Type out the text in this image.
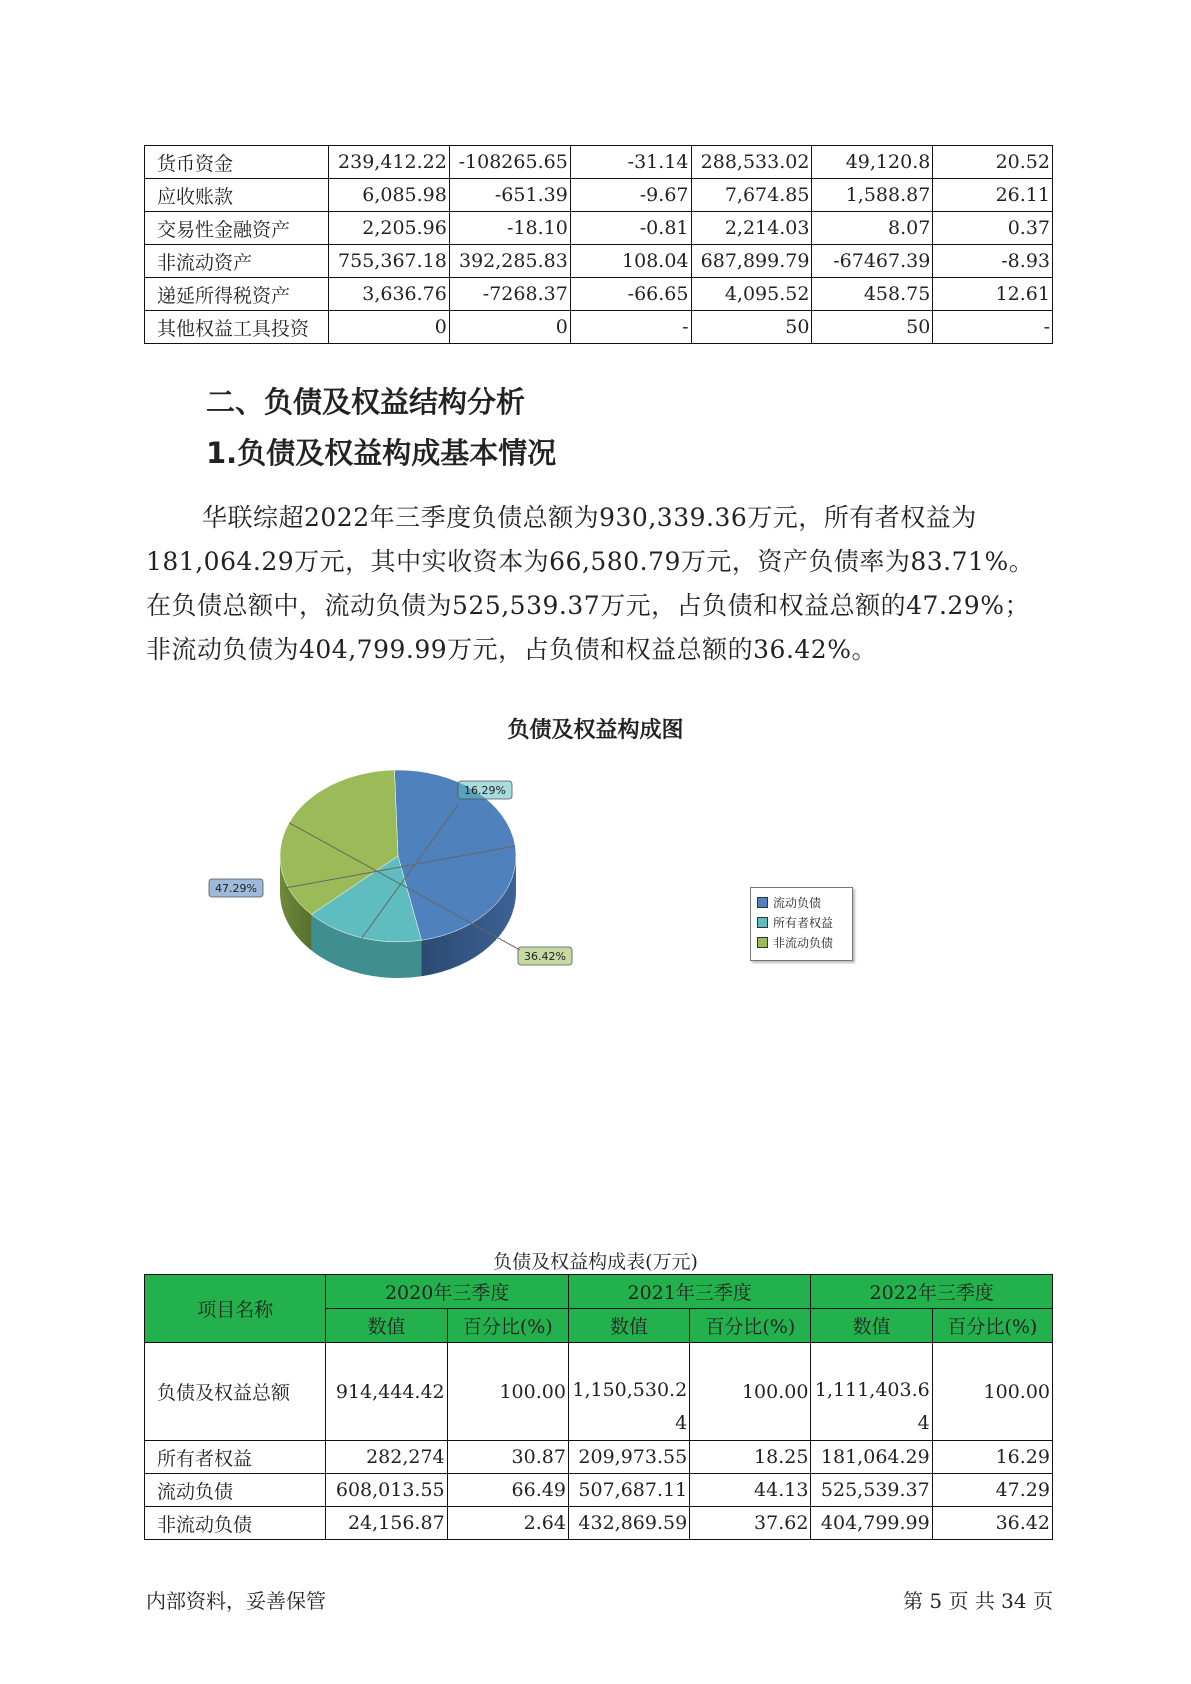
货币资金	239,412.22	-108265.65	-31.14	288,533.02	49,120.8	20.52
应收账款	6,085.98	-651.39	-9.67	7,674.85	1,588.87	26.11
交易性金融资产	2,205.96	-18.10	-0.81	2,214.03	8.07	0.37
非流动资产	755,367.18	392,285.83	108.04	687,899.79	-67467.39	-8.93
递延所得税资产	3,636.76	-7268.37	-66.65	4,095.52	458.75	12.61
其他权益工具投资	0	0	-	50	50	-
二、负债及权益结构分析
1.负债及权益构成基本情况

华联综超2022年三季度负债总额为930,339.36万元，所有者权益为181,064.29万元，其中实收资本为66,580.79万元，资产负债率为83.71%。在负债总额中，流动负债为525,539.37万元，占负债和权益总额的47.29%；非流动负债为404,799.99万元，占负债和权益总额的36.42%。

负债及权益构成图
47.29%
16.29%
36.42%
流动负债
所有者权益
非流动负债
负债及权益构成表(万元)
项目名称	2020年三季度		2021年三季度		2022年三季度	
	数值	百分比(%)	数值	百分比(%)	数值	百分比(%)
负债及权益总额	914,444.42	100.00	1,150,530.24	100.00	1,111,403.64	100.00
所有者权益	282,274	30.87	209,973.55	18.25	181,064.29	16.29
流动负债	608,013.55	66.49	507,687.11	44.13	525,539.37	47.29
非流动负债	24,156.87	2.64	432,869.59	37.62	404,799.99	36.42
内部资料，妥善保管	第 5 页 共 34 页
